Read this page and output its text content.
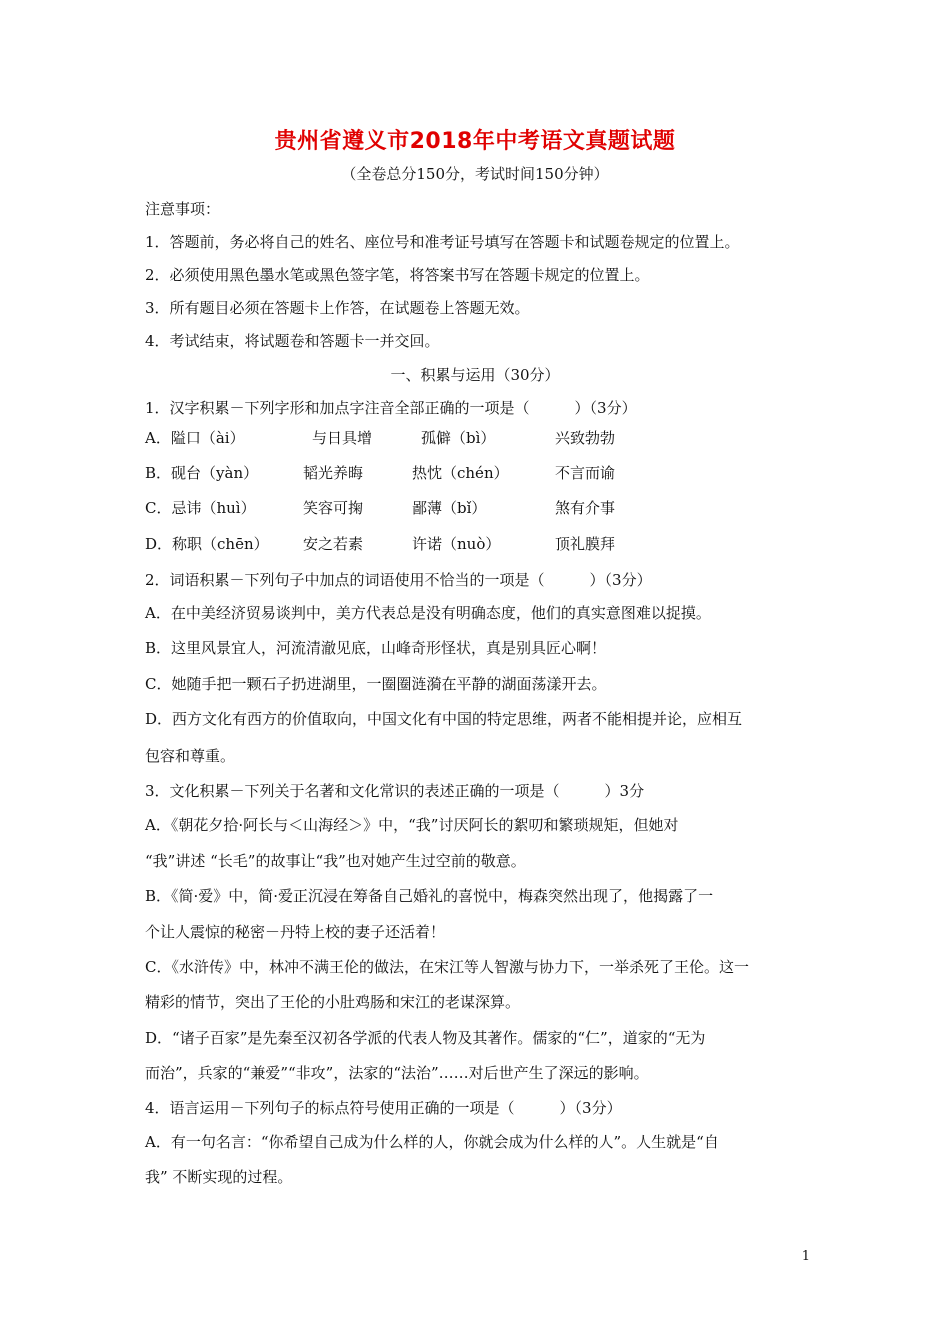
贵州省遵义市2018年中考语文真题试题
（全卷总分150分，考试时间150分钟）
注意事项：
1．答题前，务必将自己的姓名、座位号和准考证号填写在答题卡和试题卷规定的位置上。
2．必须使用黑色墨水笔或黑色签字笔，将答案书写在答题卡规定的位置上。
3．所有题目必须在答题卡上作答，在试题卷上答题无效。
4．考试结束，将试题卷和答题卡一并交回。
一、积累与运用（30分）
1．汉字积累－下列字形和加点字注音全部正确的一项是（　　　）（3分）
A．隘口（ài）	与日具增	孤僻（bì）	兴致勃勃
B．砚台（yàn）	韬光养晦	热忱（chén）	不言而谕
C．忌讳（huì）	笑容可掬	鄙薄（bǐ）	煞有介事
D．称职（chēn） 安之若素	许诺（nuò）	顶礼膜拜
2．词语积累－下列句子中加点的词语使用不恰当的一项是（　　　）（3分）
A．在中美经济贸易谈判中，美方代表总是没有明确态度，他们的真实意图难以捉摸。
B．这里风景宜人，河流清澈见底，山峰奇形怪状，真是别具匠心啊！
C．她随手把一颗石子扔进湖里，一圈圈涟漪在平静的湖面荡漾开去。
D．西方文化有西方的价值取向，中国文化有中国的特定思维，两者不能相提并论，应相互
包容和尊重。
3．文化积累－下列关于名著和文化常识的表述正确的一项是（　　　）3分
A．《朝花夕拾·阿长与＜山海经＞》中，“我”讨厌阿长的絮叨和繁琐规矩，但她对
“我”讲述 “长毛”的故事让“我”也对她产生过空前的敬意。
B．《简·爱》中，简·爱正沉浸在筹备自己婚礼的喜悦中，梅森突然出现了，他揭露了一
个让人震惊的秘密－丹特上校的妻子还活着！
C．《水浒传》中，林冲不满王伦的做法，在宋江等人智激与协力下，一举杀死了王伦。这一
精彩的情节，突出了王伦的小肚鸡肠和宋江的老谋深算。
D．“诸子百家”是先秦至汉初各学派的代表人物及其著作。儒家的“仁”，道家的“无为
而治”，兵家的“兼爱”“非攻”，法家的“法治”……对后世产生了深远的影响。
4．语言运用－下列句子的标点符号使用正确的一项是（　　　）（3分）
A．有一句名言：“你希望自己成为什么样的人，你就会成为什么样的人”。人生就是“自
我” 不断实现的过程。
1
